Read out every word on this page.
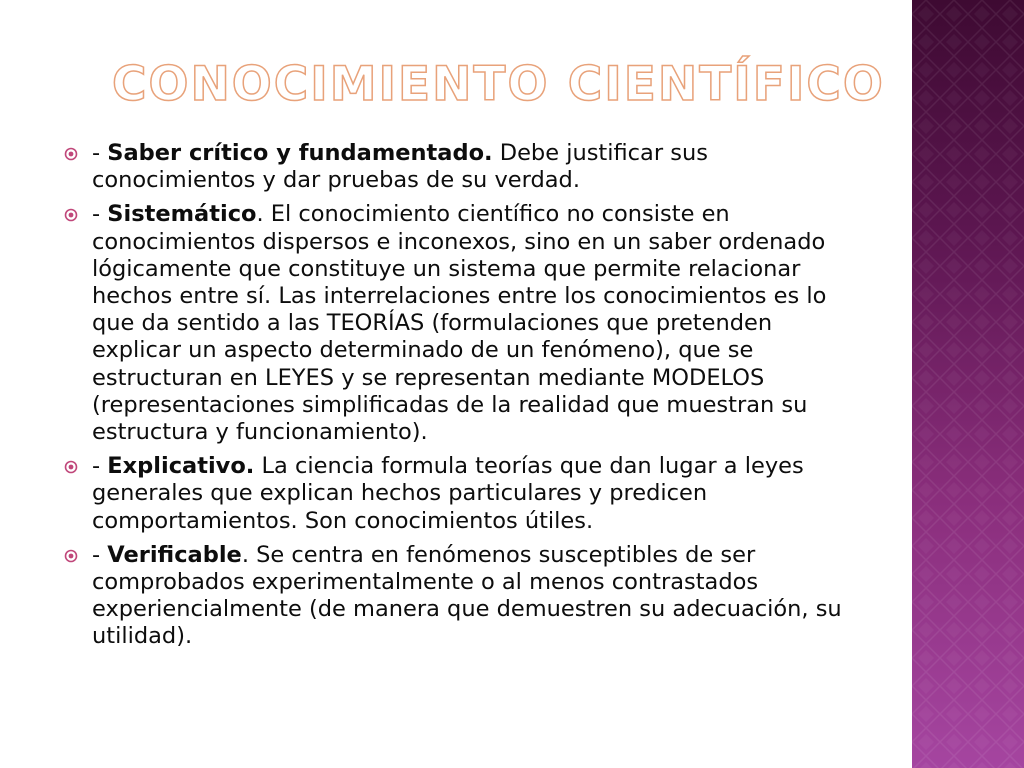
CONOCIMIENTO CIENTÍFICO
- Saber crítico y fundamentado. Debe justificar sus conocimientos y dar pruebas de su verdad.
- Sistemático. El conocimiento científico no consiste en conocimientos dispersos e inconexos, sino en un saber ordenado lógicamente que constituye un sistema que permite relacionar hechos entre sí. Las interrelaciones entre los conocimientos es lo que da sentido a las TEORÍAS (formulaciones que pretenden explicar un aspecto determinado de un fenómeno), que se estructuran en LEYES y se representan mediante MODELOS (representaciones simplificadas de la realidad que muestran su estructura y funcionamiento).
- Explicativo. La ciencia formula teorías que dan lugar a leyes generales que explican hechos particulares y predicen comportamientos. Son conocimientos útiles.
- Verificable. Se centra en fenómenos susceptibles de ser comprobados experimentalmente o al menos contrastados experiencialmente (de manera que demuestren su adecuación, su utilidad).
